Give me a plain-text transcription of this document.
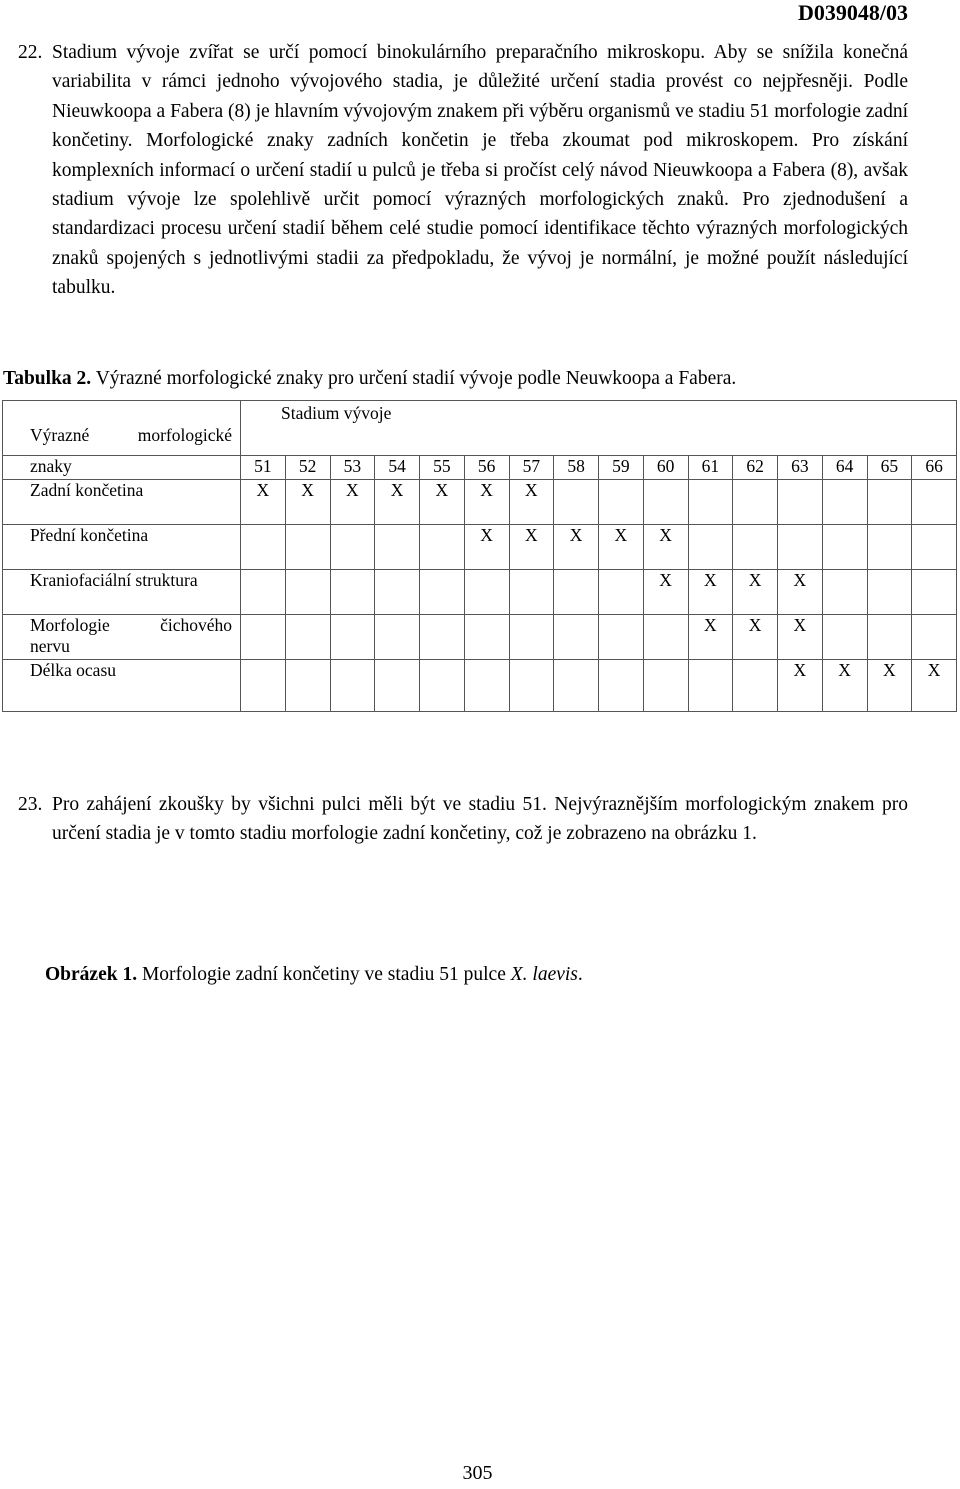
D039048/03
22. Stadium vývoje zvířat se určí pomocí binokulárního preparačního mikroskopu. Aby se snížila konečná variabilita v rámci jednoho vývojového stadia, je důležité určení stadia provést co nejpřesněji. Podle Nieuwkoopa a Fabera (8) je hlavním vývojovým znakem při výběru organismů ve stadiu 51 morfologie zadní končetiny. Morfologické znaky zadních končetin je třeba zkoumat pod mikroskopem. Pro získání komplexních informací o určení stadií u pulců je třeba si pročíst celý návod Nieuwkoopa a Fabera (8), avšak stadium vývoje lze spolehlivě určit pomocí výrazných morfologických znaků. Pro zjednodušení a standardizaci procesu určení stadií během celé studie pomocí identifikace těchto výrazných morfologických znaků spojených s jednotlivými stadii za předpokladu, že vývoj je normální, je možné použít následující tabulku.
Tabulka 2. Výrazné morfologické znaky pro určení stadií vývoje podle Neuwkoopa a Fabera.
Výrazné morfologické	Stadium vývoje															

znaky	51	52	53	54	55	56	57	58	59	60	61	62	63	64	65	66
Zadní končetina	X	X	X	X	X	X	X									
Přední končetina						X	X	X	X	X						
Kraniofaciální struktura										X	X	X	X			

Morfologie čichového
nervu											X	X	X			
Délka ocasu													X	X	X	X
23. Pro zahájení zkoušky by všichni pulci měli být ve stadiu 51. Nejvýraznějším morfologickým znakem pro určení stadia je v tomto stadiu morfologie zadní končetiny, což je zobrazeno na obrázku 1.
Obrázek 1. Morfologie zadní končetiny ve stadiu 51 pulce X. laevis.
305
